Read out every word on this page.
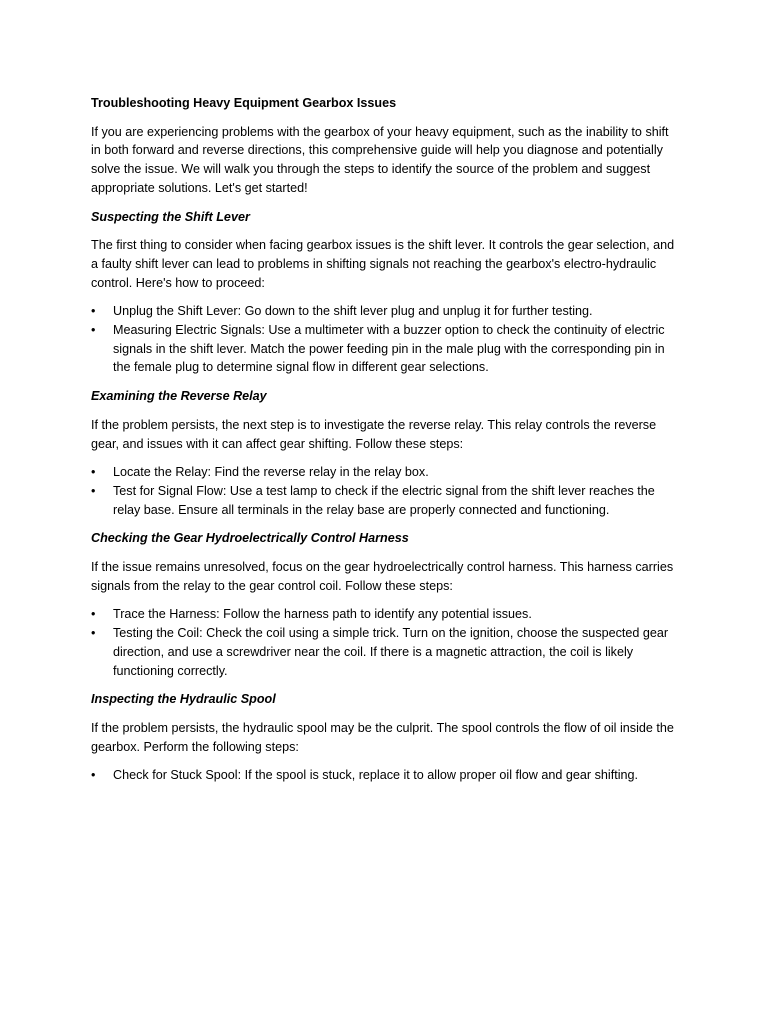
Troubleshooting Heavy Equipment Gearbox Issues

If you are experiencing problems with the gearbox of your heavy equipment, such as the inability to shift in both forward and reverse directions, this comprehensive guide will help you diagnose and potentially solve the issue. We will walk you through the steps to identify the source of the problem and suggest appropriate solutions. Let's get started!

Suspecting the Shift Lever

The first thing to consider when facing gearbox issues is the shift lever. It controls the gear selection, and a faulty shift lever can lead to problems in shifting signals not reaching the gearbox's electro-hydraulic control. Here's how to proceed:

•	Unplug the Shift Lever: Go down to the shift lever plug and unplug it for further testing.
•	Measuring Electric Signals: Use a multimeter with a buzzer option to check the continuity of electric signals in the shift lever. Match the power feeding pin in the male plug with the corresponding pin in the female plug to determine signal flow in different gear selections.
Examining the Reverse Relay

If the problem persists, the next step is to investigate the reverse relay. This relay controls the reverse gear, and issues with it can affect gear shifting. Follow these steps:

•	Locate the Relay: Find the reverse relay in the relay box.
•	Test for Signal Flow: Use a test lamp to check if the electric signal from the shift lever reaches the relay base. Ensure all terminals in the relay base are properly connected and functioning.
Checking the Gear Hydroelectrically Control Harness

If the issue remains unresolved, focus on the gear hydroelectrically control harness. This harness carries signals from the relay to the gear control coil. Follow these steps:

•	Trace the Harness: Follow the harness path to identify any potential issues.
•	Testing the Coil: Check the coil using a simple trick. Turn on the ignition, choose the suspected gear direction, and use a screwdriver near the coil. If there is a magnetic attraction, the coil is likely functioning correctly.
Inspecting the Hydraulic Spool

If the problem persists, the hydraulic spool may be the culprit. The spool controls the flow of oil inside the gearbox. Perform the following steps:

•	Check for Stuck Spool: If the spool is stuck, replace it to allow proper oil flow and gear shifting.
